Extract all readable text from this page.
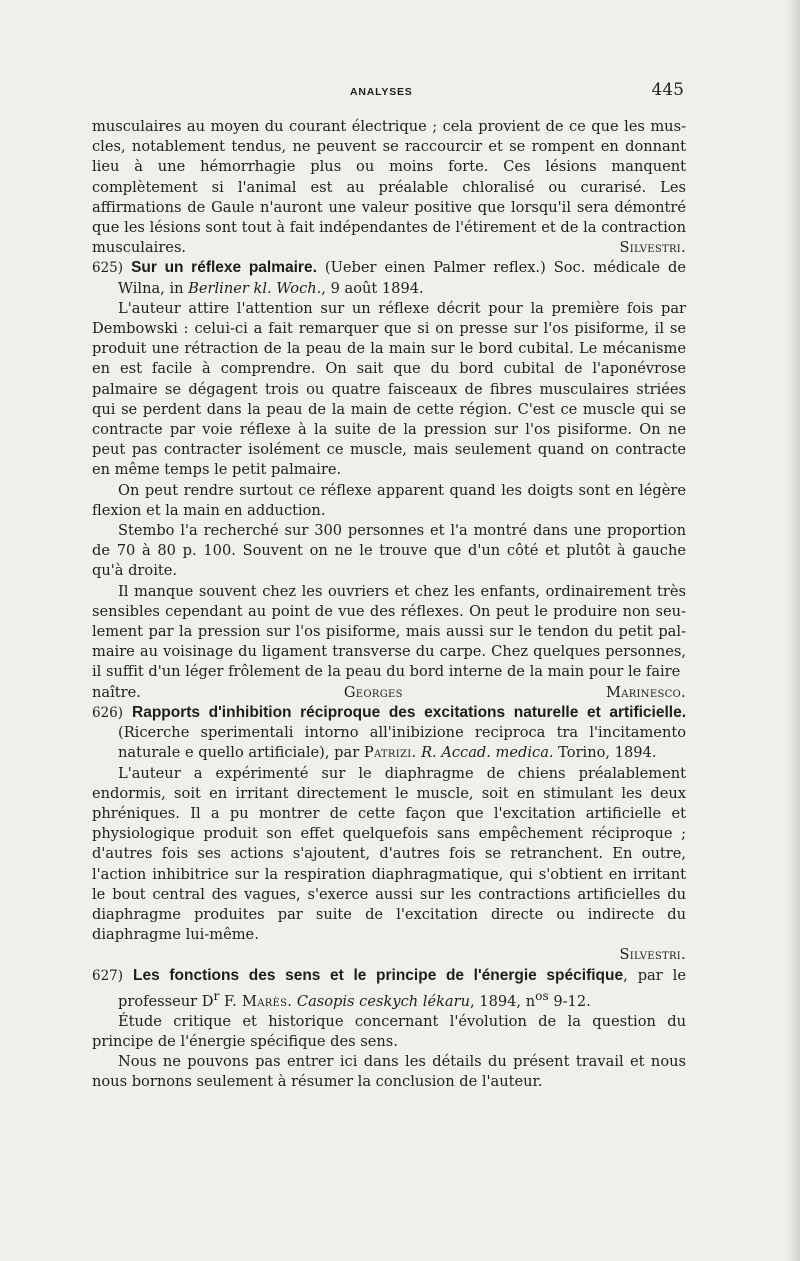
ANALYSES	445

musculaires au moyen du courant électrique ; cela provient de ce que les muscles, notablement tendus, ne peuvent se raccourcir et se rompent en donnant lieu à une hémorrhagie plus ou moins forte. Ces lésions manquent complètement si l'animal est au préalable chloralisé ou curarisé. Les affirmations de Gaule n'auront une valeur positive que lorsqu'il sera démontré que les lésions sont tout à fait indépendantes de l'étirement et de la contraction musculaires.	Silvestri.

625) Sur un réflexe palmaire. (Ueber einen Palmer reflex.) Soc. médicale de Wilna, in Berliner kl. Woch., 9 août 1894.

L'auteur attire l'attention sur un réflexe décrit pour la première fois par Dembowski : celui-ci a fait remarquer que si on presse sur l'os pisiforme, il se produit une rétraction de la peau de la main sur le bord cubital. Le mécanisme en est facile à comprendre. On sait que du bord cubital de l'aponévrose palmaire se dégagent trois ou quatre faisceaux de fibres musculaires striées qui se perdent dans la peau de la main de cette région. C'est ce muscle qui se contracte par voie réflexe à la suite de la pression sur l'os pisiforme. On ne peut pas contracter isolément ce muscle, mais seulement quand on contracte en même temps le petit palmaire.

On peut rendre surtout ce réflexe apparent quand les doigts sont en légère flexion et la main en adduction.

Stembo l'a recherché sur 300 personnes et l'a montré dans une proportion de 70 à 80 p. 100. Souvent on ne le trouve que d'un côté et plutôt à gauche qu'à droite.

Il manque souvent chez les ouvriers et chez les enfants, ordinairement très sensibles cependant au point de vue des réflexes. On peut le produire non seulement par la pression sur l'os pisiforme, mais aussi sur le tendon du petit palmaire au voisinage du ligament transverse du carpe. Chez quelques personnes, il suffit d'un léger frôlement de la peau du bord interne de la main pour le faire

naître.	Georges Marinesco.

626) Rapports d'inhibition réciproque des excitations naturelle et artificielle. (Ricerche sperimentali intorno all'inibizione reciproca tra l'incitamento naturale e quello artificiale), par Patrizi. R. Accad. medica. Torino, 1894.

L'auteur a expérimenté sur le diaphragme de chiens préalablement endormis, soit en irritant directement le muscle, soit en stimulant les deux phréniques. Il a pu montrer de cette façon que l'excitation artificielle et physiologique produit son effet quelquefois sans empêchement réciproque ; d'autres fois ses actions s'ajoutent, d'autres fois se retranchent. En outre, l'action inhibitrice sur la respiration diaphragmatique, qui s'obtient en irritant le bout central des vagues, s'exerce aussi sur les contractions artificielles du diaphragme produites par suite de l'excitation directe ou indirecte du diaphragme lui-même.

Silvestri.

627) Les fonctions des sens et le principe de l'énergie spécifique, par le professeur $D^r$ F. Marès. Casopis ceskych lékaru, 1894, $n^{os}$ 9-12.

Étude critique et historique concernant l'évolution de la question du principe de l'énergie spécifique des sens.

Nous ne pouvons pas entrer ici dans les détails du présent travail et nous nous bornons seulement à résumer la conclusion de l'auteur.
